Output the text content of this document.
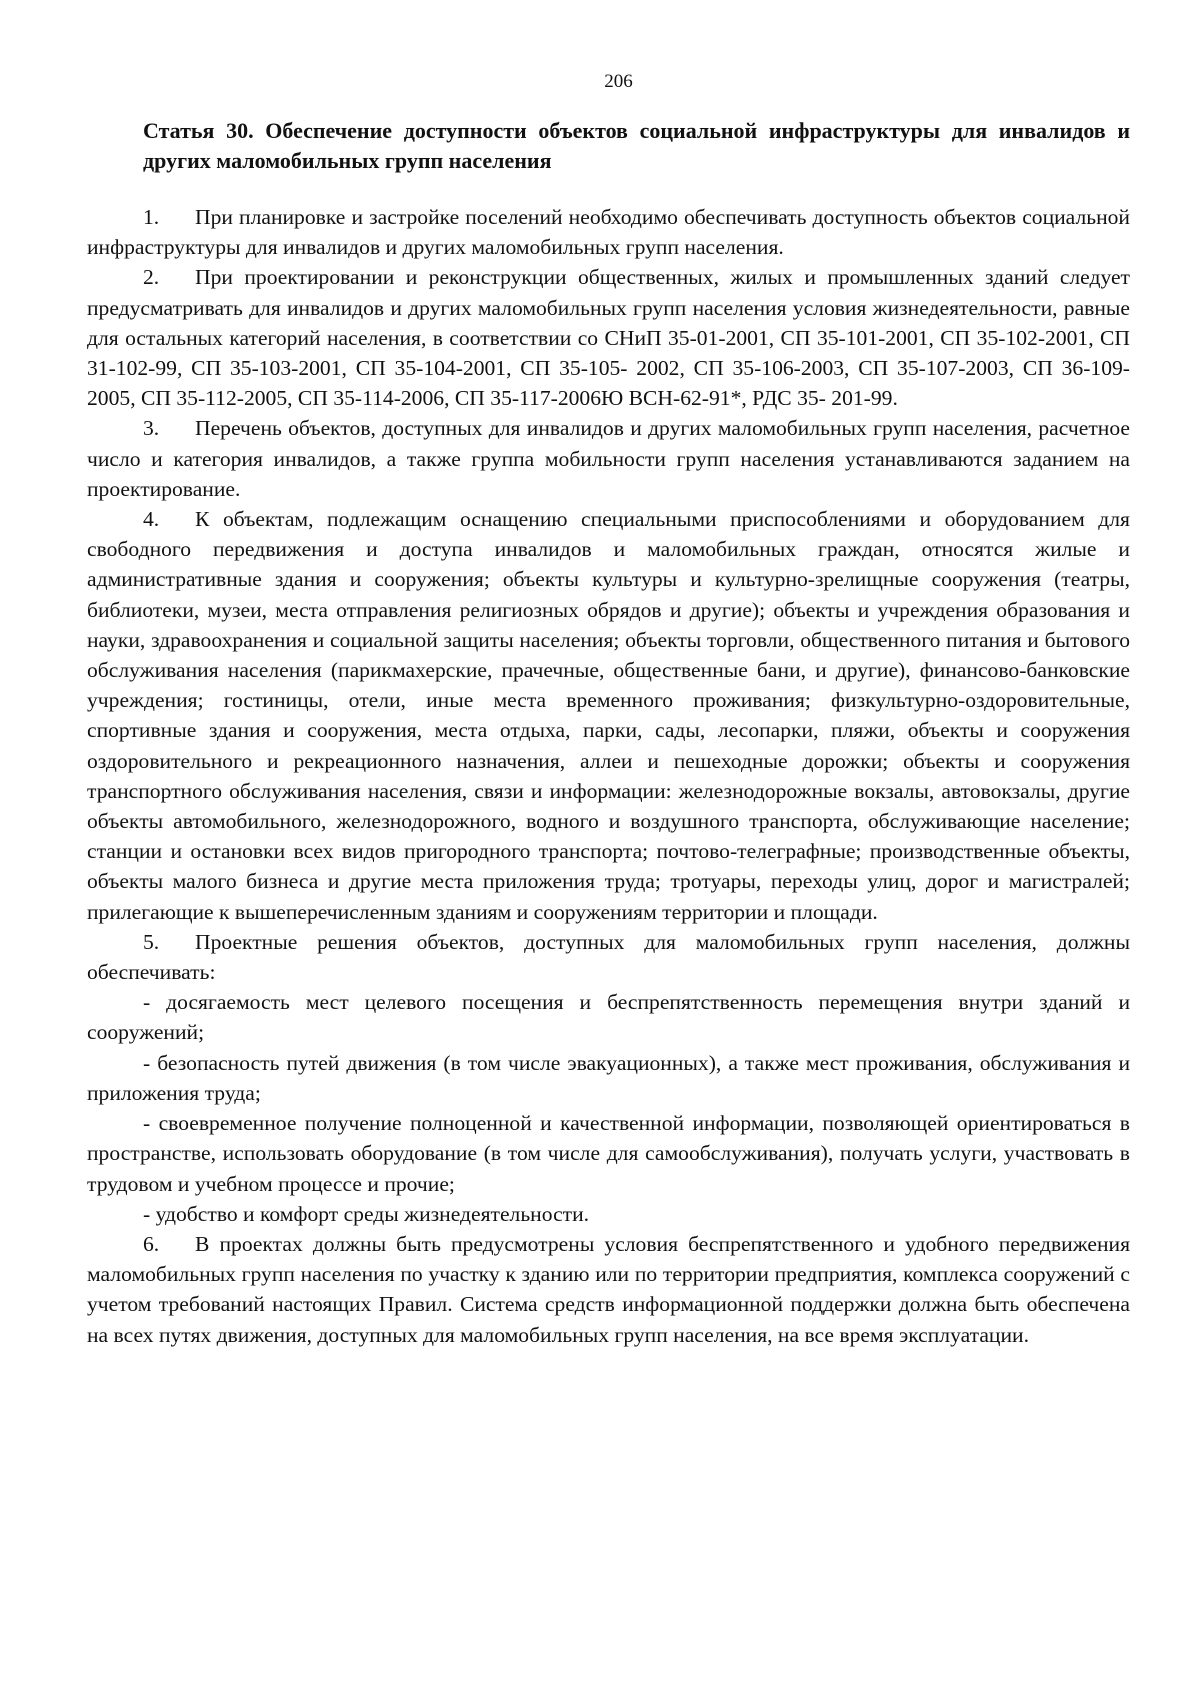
206
Статья 30. Обеспечение доступности объектов социальной инфраструктуры для инвалидов и других маломобильных групп населения

1. При планировке и застройке поселений необходимо обеспечивать доступность объектов социальной инфраструктуры для инвалидов и других маломобильных групп населения.

2. При проектировании и реконструкции общественных, жилых и промышленных зданий следует предусматривать для инвалидов и других маломобильных групп населения условия жизнедеятельности, равные для остальных категорий населения, в соответствии со СНиП 35-01-2001, СП 35-101-2001, СП 35-102-2001, СП 31-102-99, СП 35-103-2001, СП 35-104-2001, СП 35-105- 2002, СП 35-106-2003, СП 35-107-2003, СП 36-109-2005, СП 35-112-2005, СП 35-114-2006, СП 35-117-2006Ю ВСН-62-91*, РДС 35- 201-99.

3. Перечень объектов, доступных для инвалидов и других маломобильных групп населения, расчетное число и категория инвалидов, а также группа мобильности групп населения устанавливаются заданием на проектирование.

4. К объектам, подлежащим оснащению специальными приспособлениями и оборудованием для свободного передвижения и доступа инвалидов и маломобильных граждан, относятся жилые и административные здания и сооружения; объекты культуры и культурно-зрелищные сооружения (театры, библиотеки, музеи, места отправления религиозных обрядов и другие); объекты и учреждения образования и науки, здравоохранения и социальной защиты населения; объекты торговли, общественного питания и бытового обслуживания населения (парикмахерские, прачечные, общественные бани, и другие), финансово-банковские учреждения; гостиницы, отели, иные места временного проживания; физкультурно-оздоровительные, спортивные здания и сооружения, места отдыха, парки, сады, лесопарки, пляжи, объекты и сооружения оздоровительного и рекреационного назначения, аллеи и пешеходные дорожки; объекты и сооружения транспортного обслуживания населения, связи и информации: железнодорожные вокзалы, автовокзалы, другие объекты автомобильного, железнодорожного, водного и воздушного транспорта, обслуживающие население; станции и остановки всех видов пригородного транспорта; почтово-телеграфные; производственные объекты, объекты малого бизнеса и другие места приложения труда; тротуары, переходы улиц, дорог и магистралей; прилегающие к вышеперечисленным зданиям и сооружениям территории и площади.

5. Проектные решения объектов, доступных для маломобильных групп населения, должны обеспечивать:

- досягаемость мест целевого посещения и беспрепятственность перемещения внутри зданий и сооружений;

- безопасность путей движения (в том числе эвакуационных), а также мест проживания, обслуживания и приложения труда;

- своевременное получение полноценной и качественной информации, позволяющей ориентироваться в пространстве, использовать оборудование (в том числе для самообслуживания), получать услуги, участвовать в трудовом и учебном процессе и прочие;

- удобство и комфорт среды жизнедеятельности.

6. В проектах должны быть предусмотрены условия беспрепятственного и удобного передвижения маломобильных групп населения по участку к зданию или по территории предприятия, комплекса сооружений с учетом требований настоящих Правил. Система средств информационной поддержки должна быть обеспечена на всех путях движения, доступных для маломобильных групп населения, на все время эксплуатации.
